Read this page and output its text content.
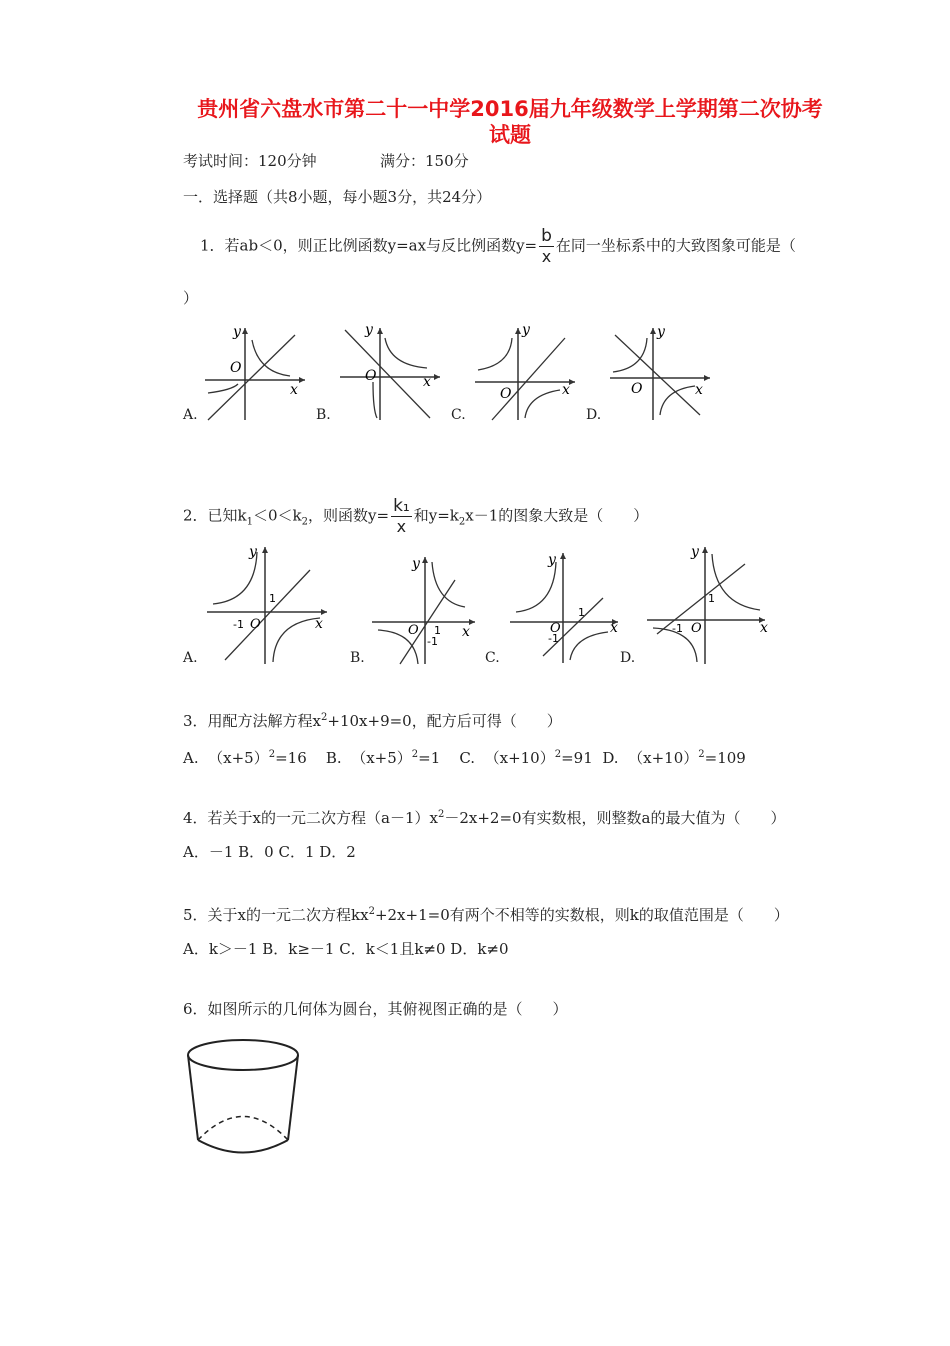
贵州省六盘水市第二十一中学2016届九年级数学上学期第二次协考
试题
考试时间：120分钟	满分：150分
一．选择题（共8小题，每小题3分，共24分）
1．若ab＜0，则正比例函数y=ax与反比例函数$y= \frac{b}{x}$ 在同一坐标系中的大致图象可能是（
）
y
x
O
A.
y
x
O
B.
y
x
O
C.
y
x
O
D.
2．已知$k_1<0<k_2$，则函数$y= \frac{\text{k₁}}{x}$ 和$y=k_2x-1$的图象大致是（　　）
y
x
O
1
-1
A.
y
x
O 1
-1
B.
y
x
O
1
-1
C.
y
x
O
1
-1
D.
3．用配方法解方程$x^2+10x+9=0$，配方后可得（　　）
A. $(x+5)^2=16$ B. $(x+5)^2=1$ C. $(x+10)^2=91$ D. $(x+10)^2=109$
4．若关于x的一元二次方程$(a-1)x^2-2x+2=0$有实数根，则整数a的最大值为（　　）
A．－1 B．0 C．1 D．2
5．关于x的一元二次方程$kx^2+2x+1=0$有两个不相等的实数根，则k的取值范围是（　　）
A．k＞－1 B．k≥－1 C．k＜1且k≠0 D．k≠0
6．如图所示的几何体为圆台，其俯视图正确的是（　　）
